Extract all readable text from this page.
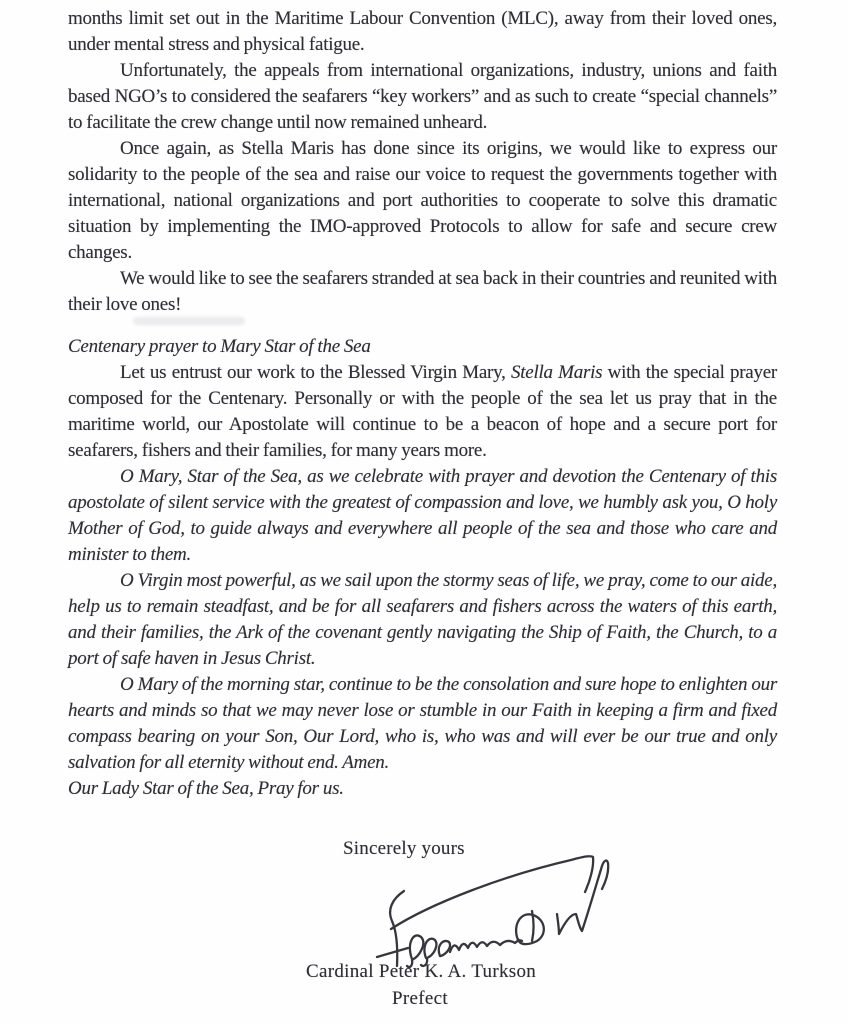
months limit set out in the Maritime Labour Convention (MLC), away from their loved ones, under mental stress and physical fatigue.

Unfortunately, the appeals from international organizations, industry, unions and faith based NGO’s to considered the seafarers “key workers” and as such to create “special channels” to facilitate the crew change until now remained unheard.

Once again, as Stella Maris has done since its origins, we would like to express our solidarity to the people of the sea and raise our voice to request the governments together with international, national organizations and port authorities to cooperate to solve this dramatic situation by implementing the IMO-approved Protocols to allow for safe and secure crew changes.

We would like to see the seafarers stranded at sea back in their countries and reunited with their love ones!

Centenary prayer to Mary Star of the Sea

Let us entrust our work to the Blessed Virgin Mary, Stella Maris with the special prayer composed for the Centenary. Personally or with the people of the sea let us pray that in the maritime world, our Apostolate will continue to be a beacon of hope and a secure port for seafarers, fishers and their families, for many years more.

O Mary, Star of the Sea, as we celebrate with prayer and devotion the Centenary of this apostolate of silent service with the greatest of compassion and love, we humbly ask you, O holy Mother of God, to guide always and everywhere all people of the sea and those who care and minister to them.

O Virgin most powerful, as we sail upon the stormy seas of life, we pray, come to our aide, help us to remain steadfast, and be for all seafarers and fishers across the waters of this earth, and their families, the Ark of the covenant gently navigating the Ship of Faith, the Church, to a port of safe haven in Jesus Christ.

O Mary of the morning star, continue to be the consolation and sure hope to enlighten our hearts and minds so that we may never lose or stumble in our Faith in keeping a firm and fixed compass bearing on your Son, Our Lord, who is, who was and will ever be our true and only salvation for all eternity without end. Amen.

Our Lady Star of the Sea, Pray for us.

Sincerely yours
Cardinal Peter K. A. Turkson
Prefect
